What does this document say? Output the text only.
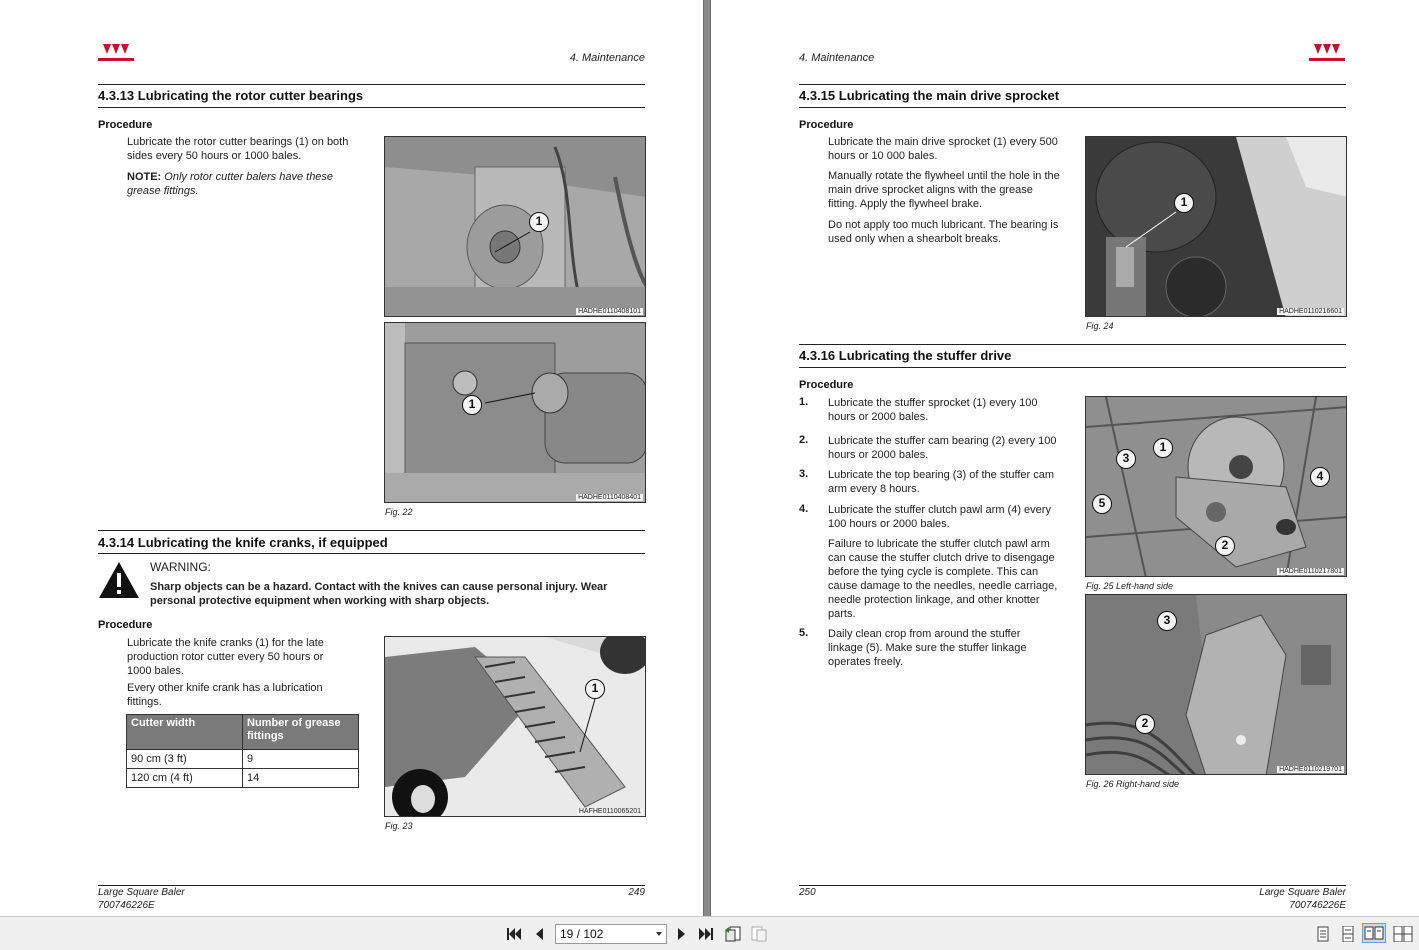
4. Maintenance
4.3.13 Lubricating the rotor cutter bearings
Procedure
Lubricate the rotor cutter bearings (1) on both sides every 50 hours or 1000 bales.
NOTE: Only rotor cutter balers have these grease fittings.
1
HADHE0110408101
1
HADHE0110408401
Fig. 22
4.3.14 Lubricating the knife cranks, if equipped
WARNING:
Sharp objects can be a hazard. Contact with the knives can cause personal injury. Wear personal protective equipment when working with sharp objects.
Procedure
Lubricate the knife cranks (1) for the late production rotor cutter every 50 hours or 1000 bales.
Every other knife crank has a lubrication fittings.
Cutter width	Number of grease fittings
90 cm (3 ft)	9
120 cm (4 ft)	14
1
HAFHE0110065201
Fig. 23
Large Square Baler
700746226E
249
4. Maintenance
4.3.15 Lubricating the main drive sprocket
Procedure
Lubricate the main drive sprocket (1) every 500 hours or 10 000 bales.
Manually rotate the flywheel until the hole in the main drive sprocket aligns with the grease fitting. Apply the flywheel brake.
Do not apply too much lubricant. The bearing is used only when a shearbolt breaks.
1
HADHE0110216601
Fig. 24
4.3.16 Lubricating the stuffer drive
Procedure
1. Lubricate the stuffer sprocket (1) every 100 hours or 2000 bales.
2. Lubricate the stuffer cam bearing (2) every 100 hours or 2000 bales.
3. Lubricate the top bearing (3) of the stuffer cam arm every 8 hours.
4. Lubricate the stuffer clutch pawl arm (4) every 100 hours or 2000 bales.
Failure to lubricate the stuffer clutch pawl arm can cause the stuffer clutch drive to disengage before the tying cycle is complete. This can cause damage to the needles, needle carriage, needle protection linkage, and other knotter parts.
5. Daily clean crop from around the stuffer linkage (5). Make sure the stuffer linkage operates freely.
1
2
3
4
5
HADHE0110217801
Fig. 25 Left-hand side
3
2
HADHE0110219701
Fig. 26 Right-hand side
250	Large Square Baler
700746226E
19 / 102
